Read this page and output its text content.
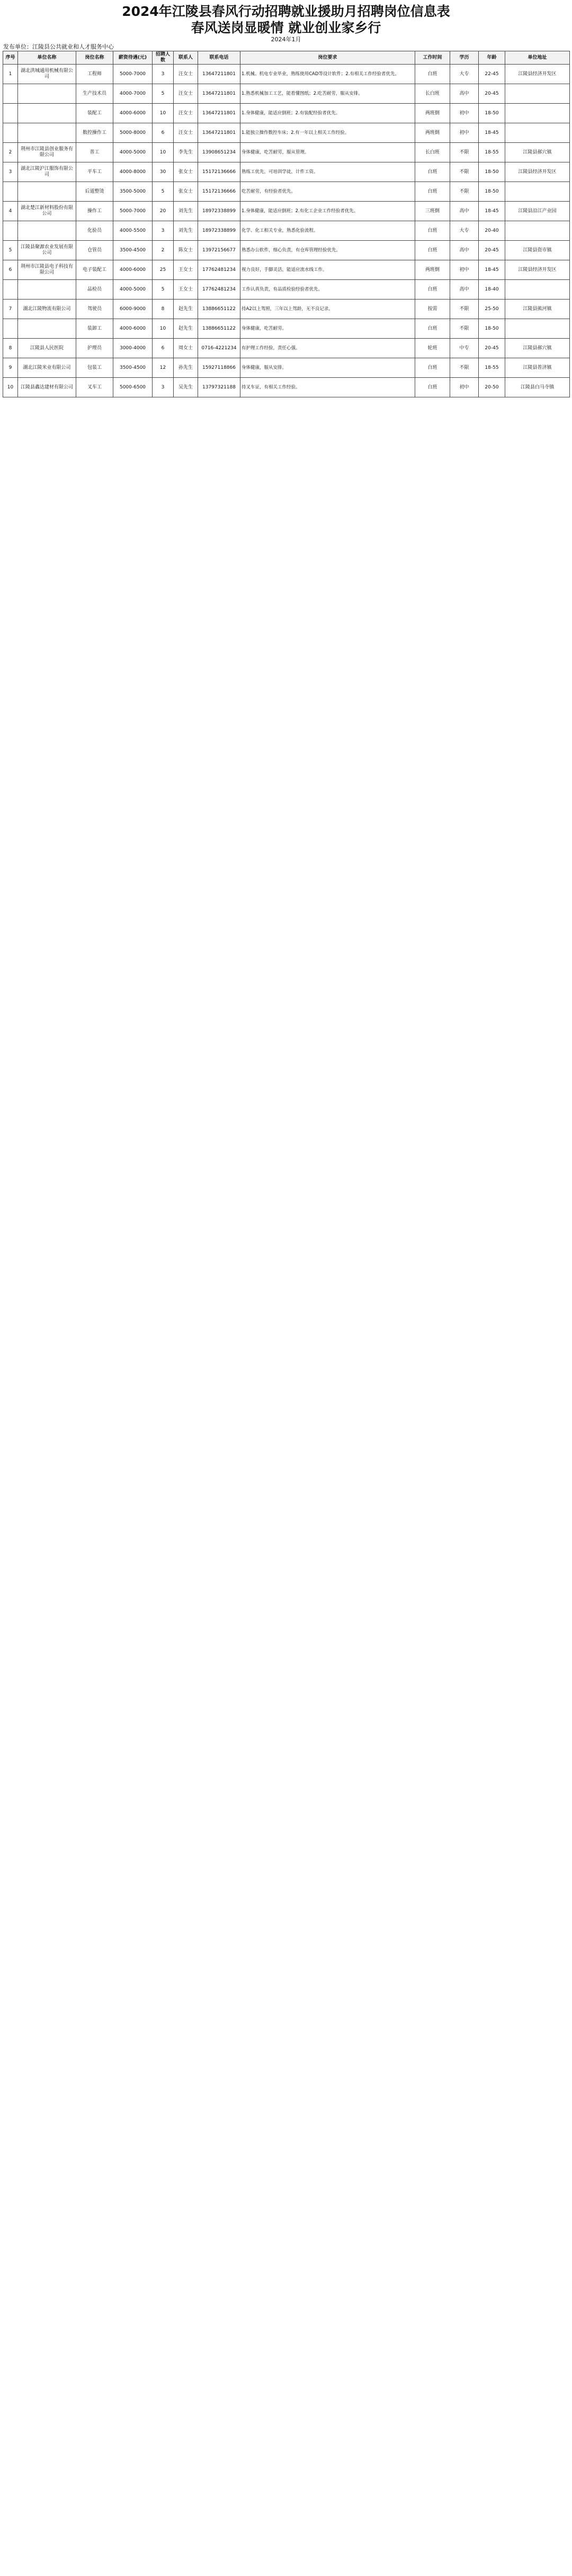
2024年江陵县春风行动招聘就业援助月招聘岗位信息表
春风送岗显暖情 就业创业家乡行
2024年1月
发布单位：江陵县公共就业和人才服务中心
序号	单位名称	岗位名称	薪资待遇(元)	招聘人数	联系人	联系电话	岗位要求	工作时间	学历	年龄	单位地址
1	湖北洪城通用机械有限公司	工程师	5000-7000	3	汪女士	13647211801	1.机械、机电专业毕业，熟练使用CAD等设计软件；2.有相关工作经验者优先。	白班	大专	22-45	江陵县经济开发区
		生产技术员	4000-7000	5	汪女士	13647211801	1.熟悉机械加工工艺，能看懂图纸；2.吃苦耐劳，服从安排。	长白班	高中	20-45	
		装配工	4000-6000	10	汪女士	13647211801	1.身体健康，能适应倒班；2.有装配经验者优先。	两班倒	初中	18-50	
		数控操作工	5000-8000	6	汪女士	13647211801	1.能独立操作数控车床；2.有一年以上相关工作经验。	两班倒	初中	18-45	
2	荆州市江陵县创业服务有限公司	普工	4000-5000	10	李先生	13908651234	身体健康，吃苦耐劳，服从管理。	长白班	不限	18-55	江陵县郝穴镇
3	湖北江陵沪江服饰有限公司	平车工	4000-8000	30	张女士	15172136666	熟练工优先，可培训学徒，计件工资。	白班	不限	18-50	江陵县经济开发区
		后道整烫	3500-5000	5	张女士	15172136666	吃苦耐劳，有经验者优先。	白班	不限	18-50	
4	湖北楚江新材料股份有限公司	操作工	5000-7000	20	刘先生	18972338899	1.身体健康，能适应倒班；2.有化工企业工作经验者优先。	三班倒	高中	18-45	江陵县沿江产业园
		化验员	4000-5500	3	刘先生	18972338899	化学、化工相关专业，熟悉化验流程。	白班	大专	20-40	
5	江陵县聚源农业发展有限公司	仓管员	3500-4500	2	陈女士	13972156677	熟悉办公软件，细心负责，有仓库管理经验优先。	白班	高中	20-45	江陵县资市镇
6	荆州市江陵县电子科技有限公司	电子装配工	4000-6000	25	王女士	17762481234	视力良好，手脚灵活，能适应流水线工作。	两班倒	初中	18-45	江陵县经济开发区
		品检员	4000-5000	5	王女士	17762481234	工作认真负责，有品质检验经验者优先。	白班	高中	18-40	
7	湖北江陵物流有限公司	驾驶员	6000-9000	8	赵先生	13886651122	持A2以上驾照，三年以上驾龄，无不良记录。	按需	不限	25-50	江陵县熊河镇
		装卸工	4000-6000	10	赵先生	13886651122	身体健康，吃苦耐劳。	白班	不限	18-50	
8	江陵县人民医院	护理员	3000-4000	6	周女士	0716-4221234	有护理工作经验，责任心强。	轮班	中专	20-45	江陵县郝穴镇
9	湖北江陵米业有限公司	包装工	3500-4500	12	孙先生	15927118866	身体健康，服从安排。	白班	不限	18-55	江陵县普济镇
10	江陵县鑫达建材有限公司	叉车工	5000-6500	3	吴先生	13797321188	持叉车证，有相关工作经验。	白班	初中	20-50	江陵县白马寺镇
